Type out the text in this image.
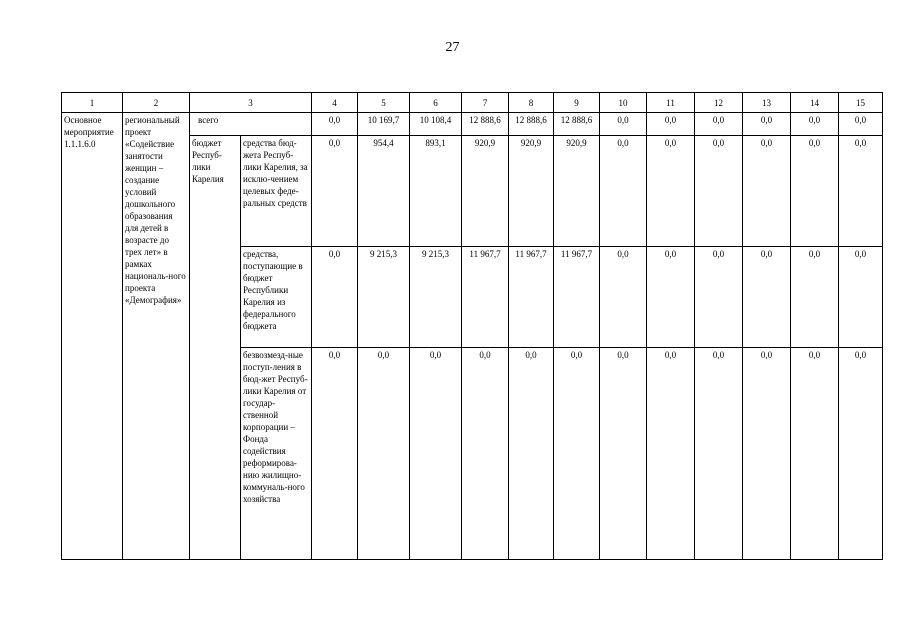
27
1	2	3		4	5	6	7	8	9	10	11	12	13	14	15
Основное мероприятие 1.1.1.6.0	региональный проект «Содействие занятости женщин – создание условий дошкольного образования для детей в возрасте до трех лет» в рамках националь-ного проекта «Демография»	всего		0,0	10 169,7	10 108,4	12 888,6	12 888,6	12 888,6	0,0	0,0	0,0	0,0	0,0	0,0
		бюджет Респуб-лики Карелия	средства бюд-жета Респуб-лики Карелия, за исклю-чением целевых феде-ральных средств	0,0	954,4	893,1	920,9	920,9	920,9	0,0	0,0	0,0	0,0	0,0	0,0
			средства, поступающие в бюджет Республики Карелия из федерального бюджета	0,0	9 215,3	9 215,3	11 967,7	11 967,7	11 967,7	0,0	0,0	0,0	0,0	0,0	0,0
			безвозмезд-ные поступ-ления в бюд-жет Респуб-лики Карелия от государ-ственной корпорации – Фонда содействия реформирова-нию жилищно-коммуналь-ного хозяйства	0,0	0,0	0,0	0,0	0,0	0,0	0,0	0,0	0,0	0,0	0,0	0,0
